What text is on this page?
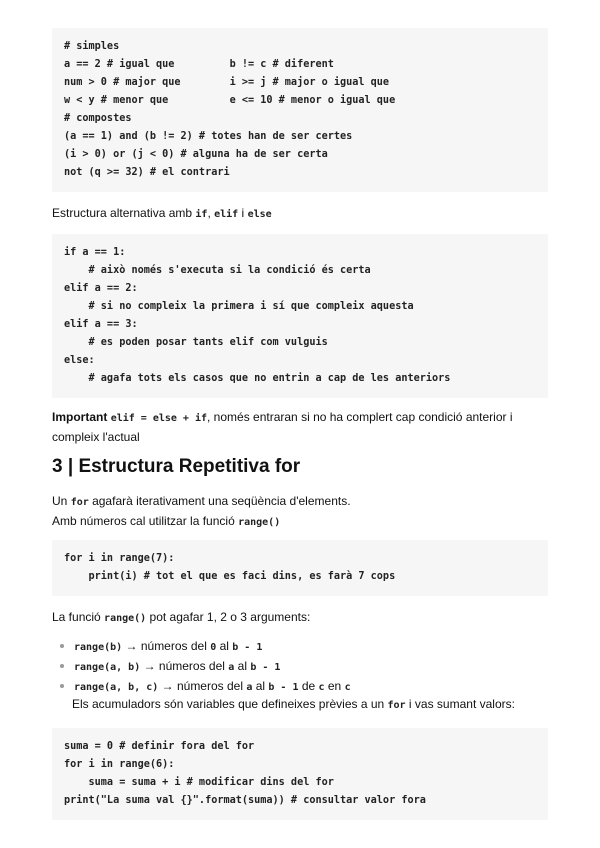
# simples
a == 2 # igual que         b != c # diferent
num > 0 # major que        i >= j # major o igual que
w < y # menor que          e <= 10 # menor o igual que
# compostes
(a == 1) and (b != 2) # totes han de ser certes
(i > 0) or (j < 0) # alguna ha de ser certa
not (q >= 32) # el contrari
Estructura alternativa amb if, elif i else
if a == 1:
# això només s'executa si la condició és certa
elif a == 2:
# si no compleix la primera i sí que compleix aquesta
elif a == 3:
# es poden posar tants elif com vulguis
else:
# agafa tots els casos que no entrin a cap de les anteriors
Important elif = else + if, només entraran si no ha complert cap condició anterior i
compleix l'actual
3 | Estructura Repetitiva for
Un for agafarà iterativament una seqüència d'elements.
Amb números cal utilitzar la funció range()
for i in range(7):
print(i) # tot el que es faci dins, es farà 7 cops
La funció range() pot agafar 1, 2 o 3 arguments:
range(b) → números del 0 al b - 1
range(a, b) → números del a al b - 1
range(a, b, c) → números del a al b - 1 de c en c
Els acumuladors són variables que defineixes prèvies a un for i vas sumant valors:
suma = 0 # definir fora del for
for i in range(6):
suma = suma + i # modificar dins del for
print("La suma val {}".format(suma)) # consultar valor fora
